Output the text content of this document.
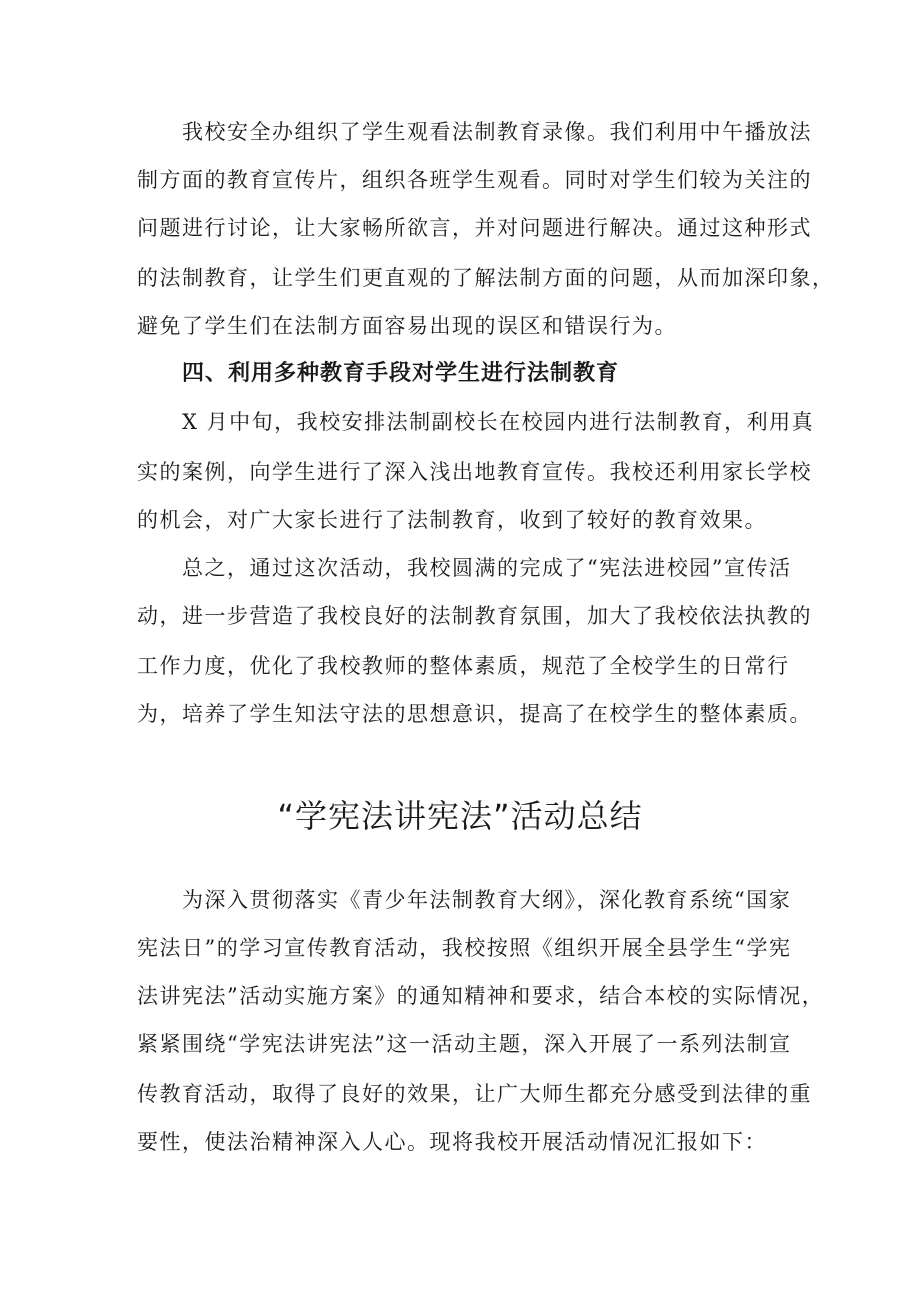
我校安全办组织了学生观看法制教育录像。我们利用中午播放法
制方面的教育宣传片，组织各班学生观看。同时对学生们较为关注的
问题进行讨论，让大家畅所欲言，并对问题进行解决。通过这种形式
的法制教育，让学生们更直观的了解法制方面的问题，从而加深印象，
避免了学生们在法制方面容易出现的误区和错误行为。
四、利用多种教育手段对学生进行法制教育
X 月中旬，我校安排法制副校长在校园内进行法制教育，利用真
实的案例，向学生进行了深入浅出地教育宣传。我校还利用家长学校
的机会，对广大家长进行了法制教育，收到了较好的教育效果。
总之，通过这次活动，我校圆满的完成了“宪法进校园”宣传活
动，进一步营造了我校良好的法制教育氛围，加大了我校依法执教的
工作力度，优化了我校教师的整体素质，规范了全校学生的日常行
为，培养了学生知法守法的思想意识，提高了在校学生的整体素质。
“学宪法讲宪法”活动总结
为深入贯彻落实《青少年法制教育大纲》，深化教育系统“国家
宪法日”的学习宣传教育活动，我校按照《组织开展全县学生“学宪
法讲宪法”活动实施方案》的通知精神和要求，结合本校的实际情况，
紧紧围绕“学宪法讲宪法”这一活动主题，深入开展了一系列法制宣
传教育活动，取得了良好的效果，让广大师生都充分感受到法律的重
要性，使法治精神深入人心。现将我校开展活动情况汇报如下：
